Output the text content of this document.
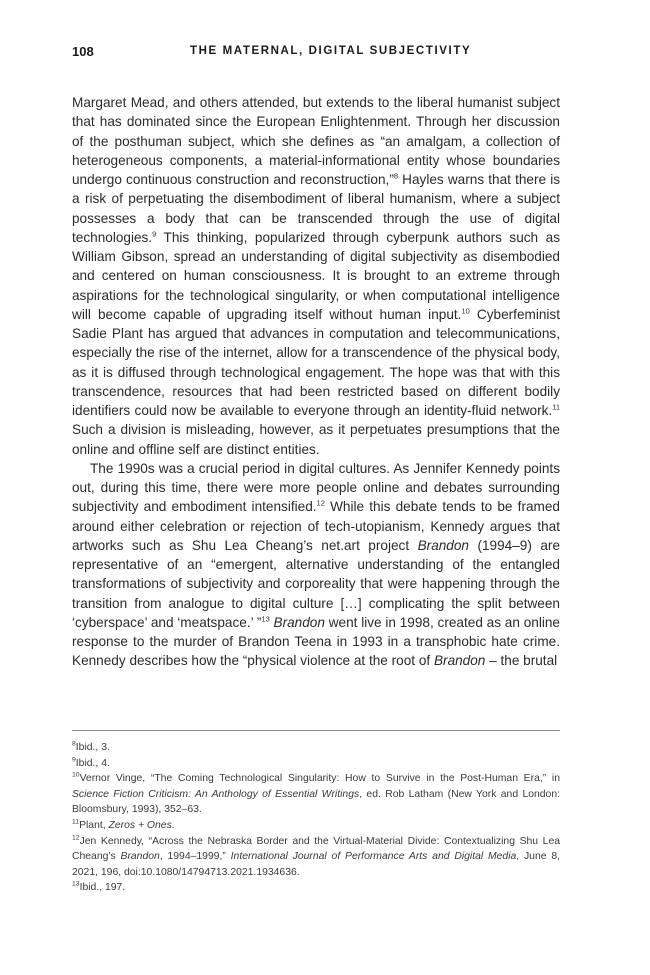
108	THE MATERNAL, DIGITAL SUBJECTIVITY

Margaret Mead, and others attended, but extends to the liberal humanist subject that has dominated since the European Enlightenment. Through her discussion of the posthuman subject, which she defines as “an amalgam, a collection of heterogeneous components, a material-informational entity whose boundaries undergo continuous construction and reconstruction,”$^8$ Hayles warns that there is a risk of perpetuating the disembodiment of liberal humanism, where a subject possesses a body that can be transcended through the use of digital technologies.$^9$ This thinking, popularized through cyberpunk authors such as William Gibson, spread an understanding of digital subjectivity as disembodied and centered on human consciousness. It is brought to an extreme through aspirations for the technological singularity, or when computational intelligence will become capable of upgrading itself without human input.$^{10}$ Cyberfeminist Sadie Plant has argued that advances in computation and telecommunications, especially the rise of the internet, allow for a transcendence of the physical body, as it is diffused through technological engagement. The hope was that with this transcendence, resources that had been restricted based on different bodily identifiers could now be available to everyone through an identity-fluid network.$^{11}$ Such a division is misleading, however, as it perpetuates presumptions that the online and offline self are distinct entities.

The 1990s was a crucial period in digital cultures. As Jennifer Kennedy points out, during this time, there were more people online and debates surrounding subjectivity and embodiment intensified.$^{12}$ While this debate tends to be framed around either celebration or rejection of tech-utopianism, Kennedy argues that artworks such as Shu Lea Cheang’s net.art project Brandon (1994–9) are representative of an “emergent, alternative understanding of the entangled transformations of subjectivity and corporeality that were happening through the transition from analogue to digital culture […] complicating the split between ‘cyberspace’ and ‘meatspace.’ ”$^{13}$ Brandon went live in 1998, created as an online response to the murder of Brandon Teena in 1993 in a transphobic hate crime. Kennedy describes how the “physical violence at the root of Brandon – the brutal

$^8$Ibid., 3.

$^9$Ibid., 4.

$^{10}$Vernor Vinge, “The Coming Technological Singularity: How to Survive in the Post-Human Era,” in Science Fiction Criticism: An Anthology of Essential Writings, ed. Rob Latham (New York and London: Bloomsbury, 1993), 352–63.

$^{11}$Plant, Zeros + Ones.

$^{12}$Jen Kennedy, “Across the Nebraska Border and the Virtual-Material Divide: Contextualizing Shu Lea Cheang’s Brandon, 1994–1999,” International Journal of Performance Arts and Digital Media, June 8, 2021, 196, doi:10.1080/14794713.2021.1934636.

$^{13}$Ibid., 197.
